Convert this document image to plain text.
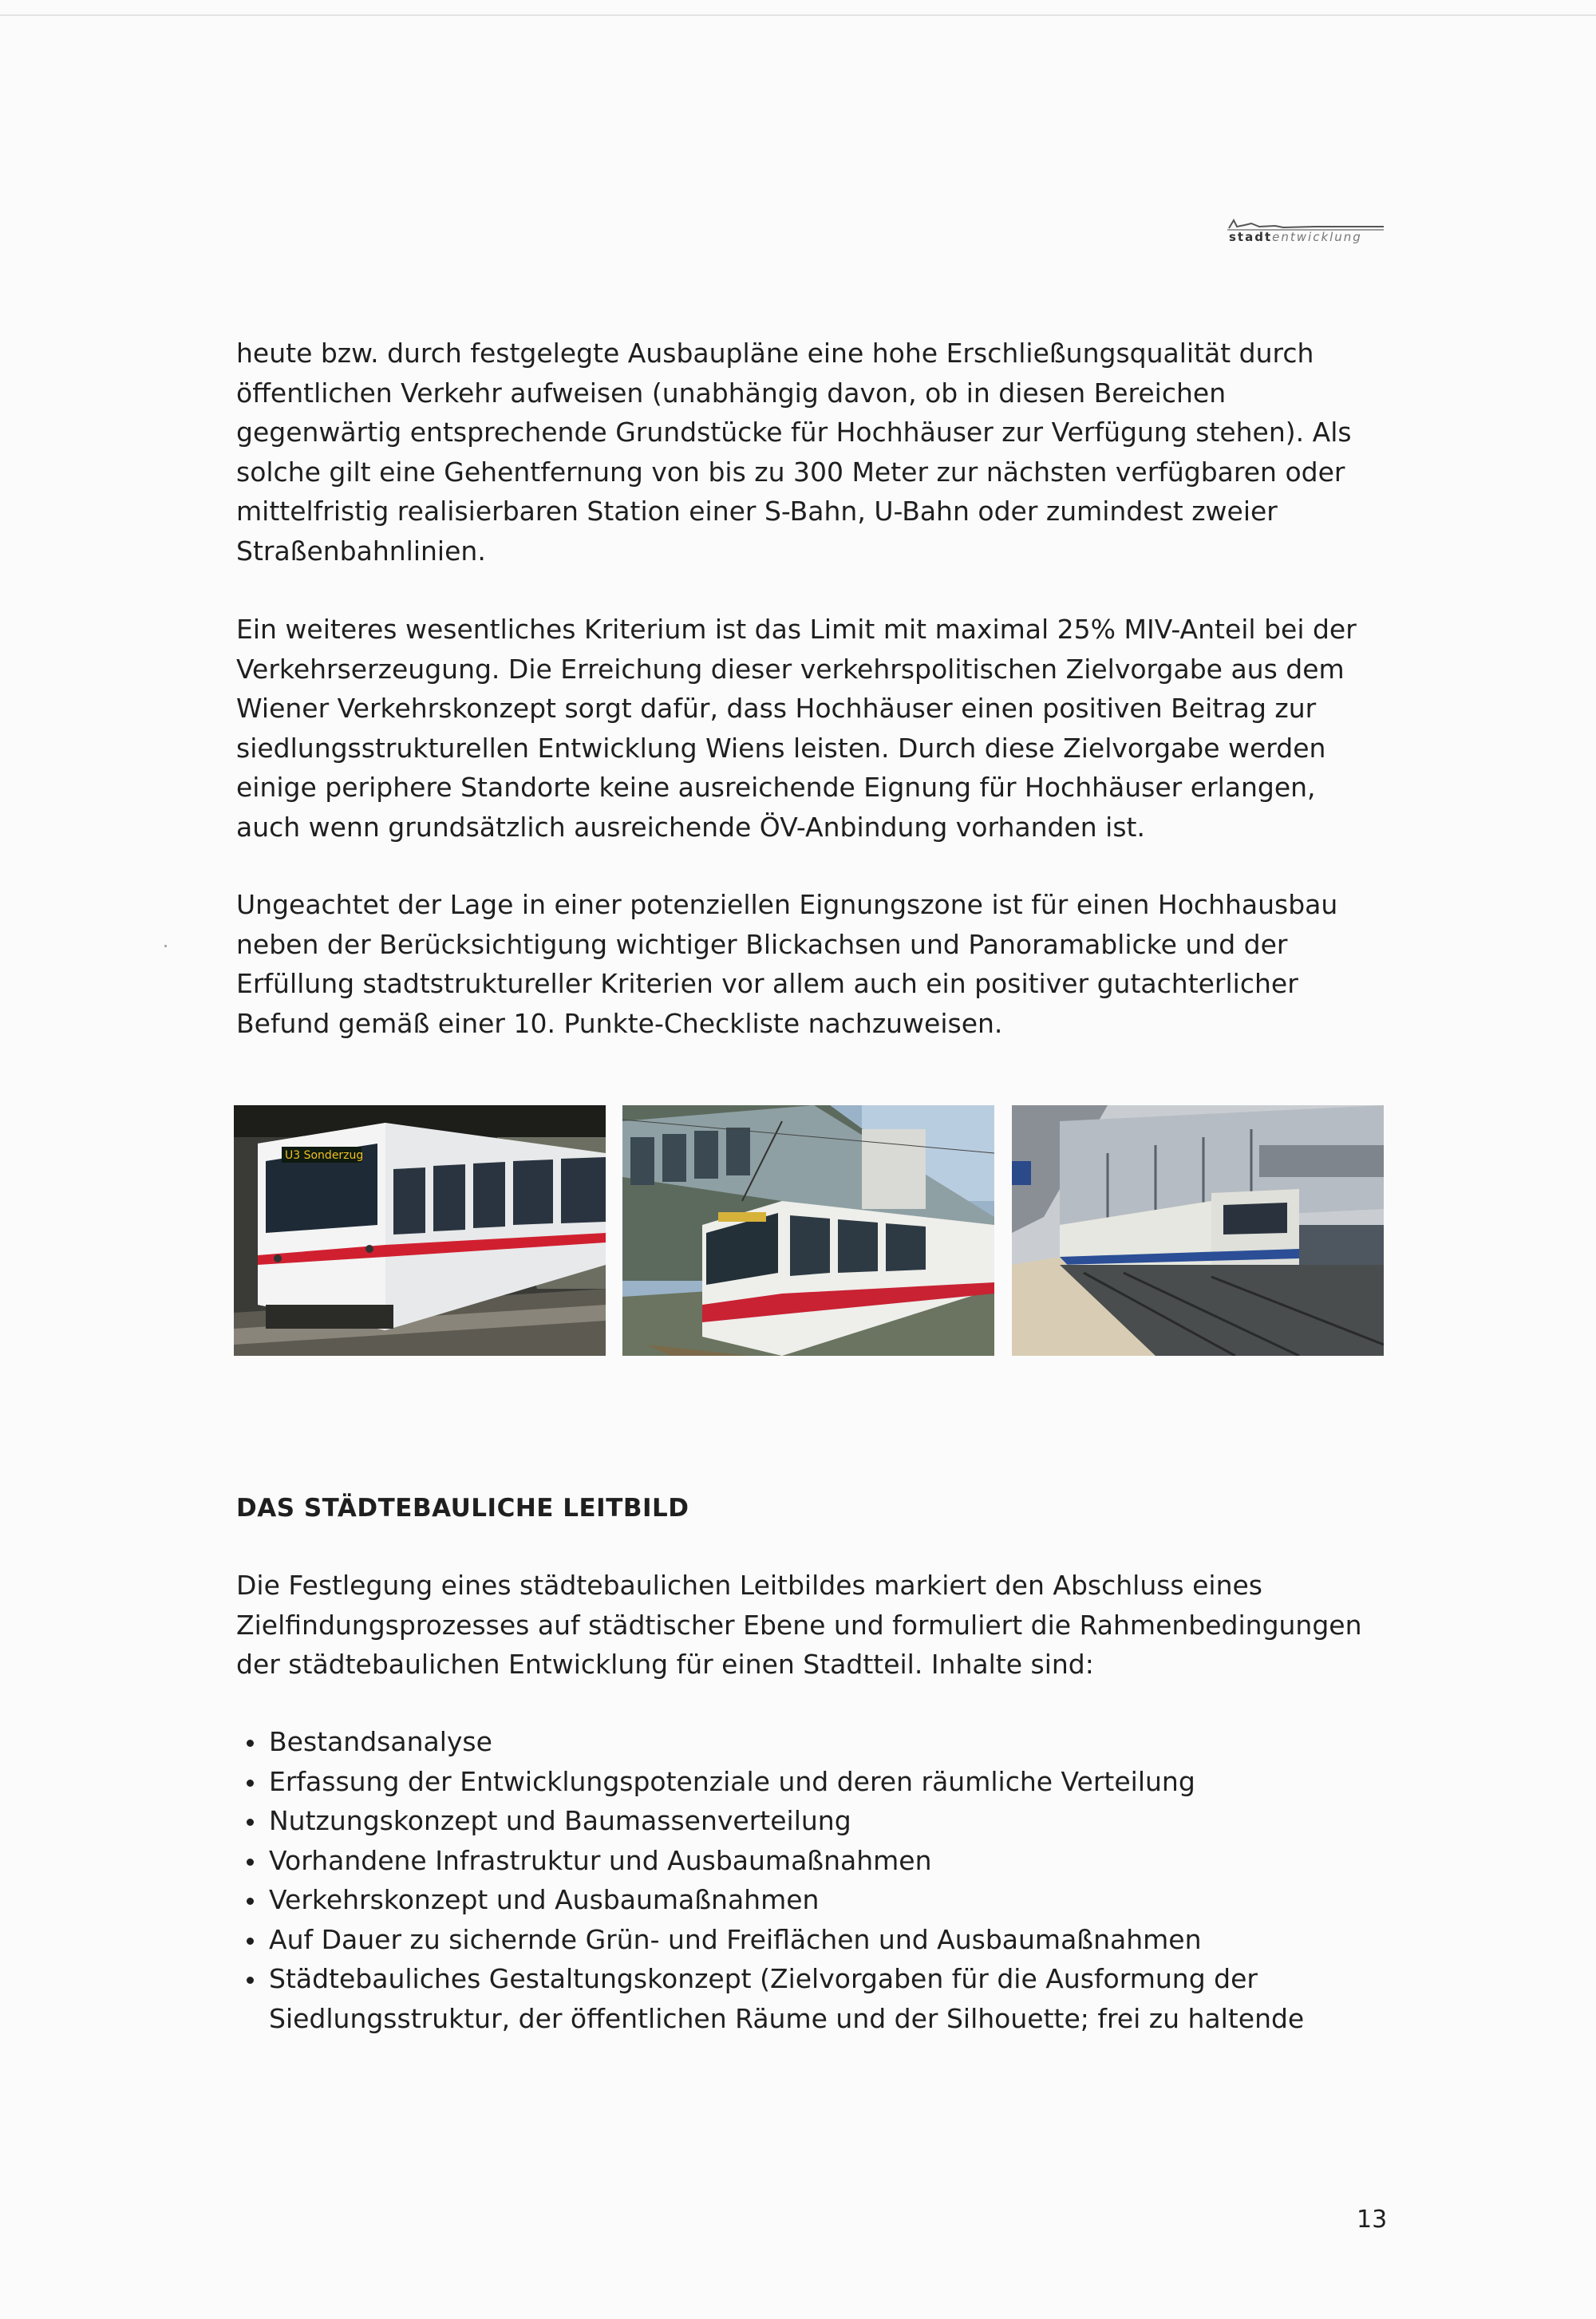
stadtentwicklung

heute bzw. durch festgelegte Ausbaupläne eine hohe Erschließungsqualität durch öffentlichen Verkehr aufweisen (unabhängig davon, ob in diesen Bereichen gegenwärtig entsprechende Grundstücke für Hochhäuser zur Verfügung stehen). Als solche gilt eine Gehentfernung von bis zu 300 Meter zur nächsten verfügbaren oder mittelfristig realisierbaren Station einer S-Bahn, U-Bahn oder zumindest zweier Straßenbahnlinien.

Ein weiteres wesentliches Kriterium ist das Limit mit maximal 25% MIV-Anteil bei der Verkehrserzeugung. Die Erreichung dieser verkehrspolitischen Zielvorgabe aus dem Wiener Verkehrskonzept sorgt dafür, dass Hochhäuser einen positiven Beitrag zur siedlungsstrukturellen Entwicklung Wiens leisten. Durch diese Zielvorgabe werden einige periphere Standorte keine ausreichende Eignung für Hochhäuser erlangen, auch wenn grundsätzlich ausreichende ÖV-Anbindung vorhanden ist.

Ungeachtet der Lage in einer potenziellen Eignungszone ist für einen Hochhausbau neben der Berücksichtigung wichtiger Blickachsen und Panoramablicke und der Erfüllung stadtstruktureller Kriterien vor allem auch ein positiver gutachterlicher Befund gemäß einer 10. Punkte-Checkliste nachzuweisen.

U3 Sonderzug
DAS STÄDTEBAULICHE LEITBILD

Die Festlegung eines städtebaulichen Leitbildes markiert den Abschluss eines Zielfindungsprozesses auf städtischer Ebene und formuliert die Rahmenbedingungen der städtebaulichen Entwicklung für einen Stadtteil. Inhalte sind:

Bestandsanalyse
Erfassung der Entwicklungspotenziale und deren räumliche Verteilung
Nutzungskonzept und Baumassenverteilung
Vorhandene Infrastruktur und Ausbaumaßnahmen
Verkehrskonzept und Ausbaumaßnahmen
Auf Dauer zu sichernde Grün- und Freiflächen und Ausbaumaßnahmen
Städtebauliches Gestaltungskonzept (Zielvorgaben für die Ausformung der Siedlungsstruktur, der öffentlichen Räume und der Silhouette; frei zu haltende
13
